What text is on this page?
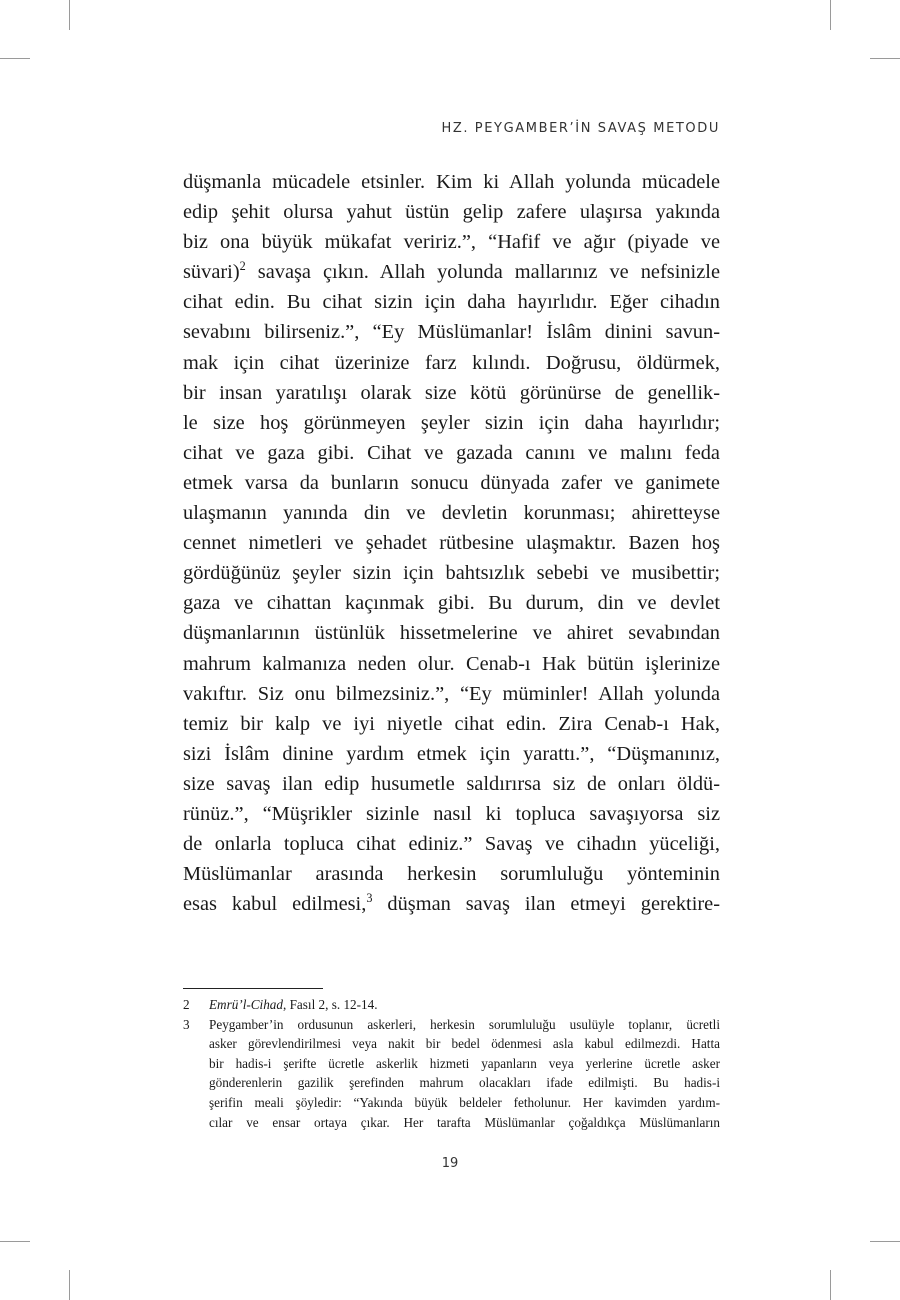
HZ. PEYGAMBER’İN SAVAŞ METODU
düşmanla mücadele etsinler. Kim ki Allah yolunda mücadele
edip şehit olursa yahut üstün gelip zafere ulaşırsa yakında
biz ona büyük mükafat veririz.”, “Hafif ve ağır (piyade ve
süvari)$^2$ savaşa çıkın. Allah yolunda mallarınız ve nefsinizle
cihat edin. Bu cihat sizin için daha hayırlıdır. Eğer cihadın
sevabını bilirseniz.”, “Ey Müslümanlar! İslâm dinini savun-
mak için cihat üzerinize farz kılındı. Doğrusu, öldürmek,
bir insan yaratılışı olarak size kötü görünürse de genellik-
le size hoş görünmeyen şeyler sizin için daha hayırlıdır;
cihat ve gaza gibi. Cihat ve gazada canını ve malını feda
etmek varsa da bunların sonucu dünyada zafer ve ganimete
ulaşmanın yanında din ve devletin korunması; ahiretteyse
cennet nimetleri ve şehadet rütbesine ulaşmaktır. Bazen hoş
gördüğünüz şeyler sizin için bahtsızlık sebebi ve musibettir;
gaza ve cihattan kaçınmak gibi. Bu durum, din ve devlet
düşmanlarının üstünlük hissetmelerine ve ahiret sevabından
mahrum kalmanıza neden olur. Cenab-ı Hak bütün işlerinize
vakıftır. Siz onu bilmezsiniz.”, “Ey müminler! Allah yolunda
temiz bir kalp ve iyi niyetle cihat edin. Zira Cenab-ı Hak,
sizi İslâm dinine yardım etmek için yarattı.”, “Düşmanınız,
size savaş ilan edip husumetle saldırırsa siz de onları öldü-
rünüz.”, “Müşrikler sizinle nasıl ki topluca savaşıyorsa siz
de onlarla topluca cihat ediniz.” Savaş ve cihadın yüceliği,
Müslümanlar arasında herkesin sorumluluğu yönteminin
esas kabul edilmesi,$^3$ düşman savaş ilan etmeyi gerektire-
2	Emrü’l-Cihad, Fasıl 2, s. 12-14.
3	Peygamber’in ordusunun askerleri, herkesin sorumluluğu usulüyle toplanır, ücretli
asker görevlendirilmesi veya nakit bir bedel ödenmesi asla kabul edilmezdi. Hatta
bir hadis-i şerifte ücretle askerlik hizmeti yapanların veya yerlerine ücretle asker
gönderenlerin gazilik şerefinden mahrum olacakları ifade edilmişti. Bu hadis-i
şerifin meali şöyledir: “Yakında büyük beldeler fetholunur. Her kavimden yardım-
cılar ve ensar ortaya çıkar. Her tarafta Müslümanlar çoğaldıkça Müslümanların
19
